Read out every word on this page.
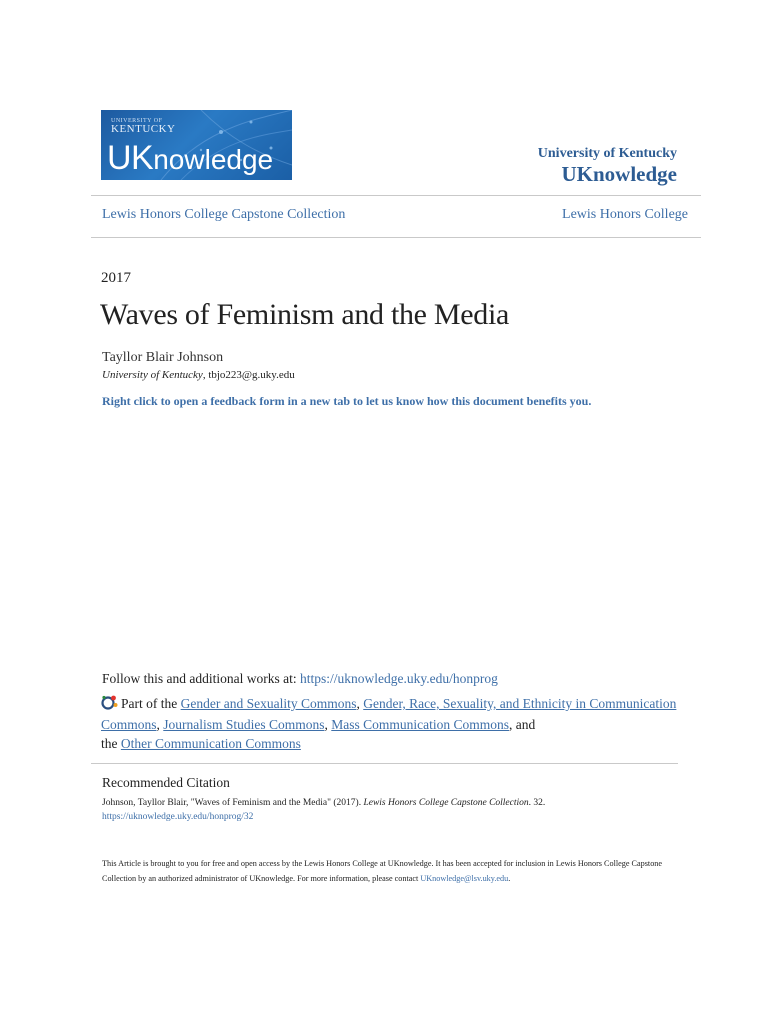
UNIVERSITY OF
KENTUCKY
UKnowledge	University of Kentucky
UKnowledge
Lewis Honors College Capstone Collection	Lewis Honors College
2017
Waves of Feminism and the Media
Tayllor Blair Johnson
University of Kentucky, tbjo223@g.uky.edu
Right click to open a feedback form in a new tab to let us know how this document benefits you.
Follow this and additional works at: https://uknowledge.uky.edu/honprog
Part of the Gender and Sexuality Commons, Gender, Race, Sexuality, and Ethnicity in Communication Commons, Journalism Studies Commons, Mass Communication Commons, and
the Other Communication Commons
Recommended Citation
Johnson, Tayllor Blair, "Waves of Feminism and the Media" (2017). Lewis Honors College Capstone Collection. 32.
https://uknowledge.uky.edu/honprog/32
This Article is brought to you for free and open access by the Lewis Honors College at UKnowledge. It has been accepted for inclusion in Lewis Honors College Capstone Collection by an authorized administrator of UKnowledge. For more information, please contact UKnowledge@lsv.uky.edu.
